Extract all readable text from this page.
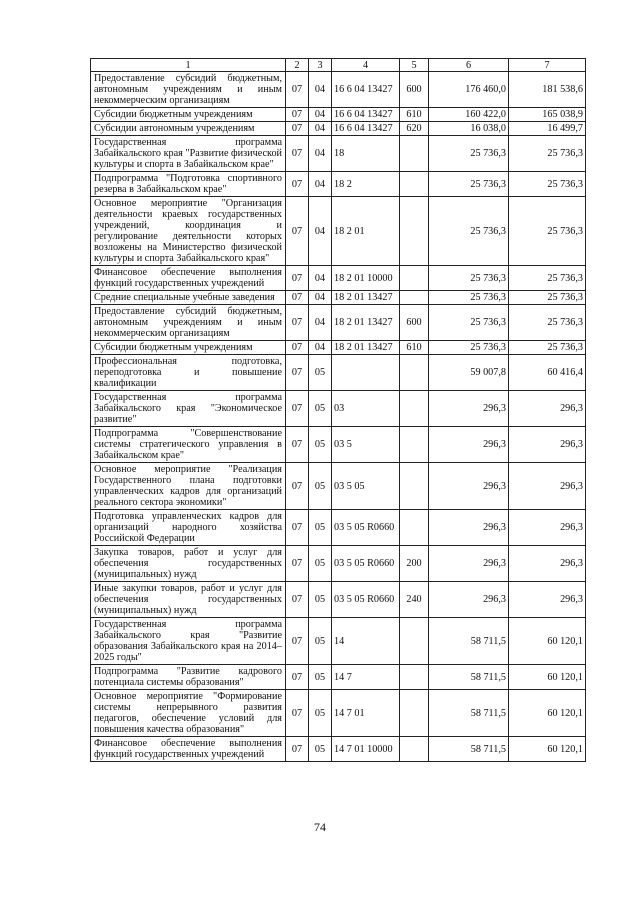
1	2	3	4	5	6	7
Предоставление субсидий бюджетным, автономным учреждениям и иным некоммерческим организациям	07	04	16 6 04 13427	600	176 460,0	181 538,6
Субсидии бюджетным учреждениям	07	04	16 6 04 13427	610	160 422,0	165 038,9
Субсидии автономным учреждениям	07	04	16 6 04 13427	620	16 038,0	16 499,7
Государственная программа Забайкальского края "Развитие физической культуры и спорта в Забайкальском крае"	07	04	18		25 736,3	25 736,3
Подпрограмма "Подготовка спортивного резерва в Забайкальском крае"	07	04	18 2		25 736,3	25 736,3
Основное мероприятие "Организация деятельности краевых государственных учреждений, координация и регулирование деятельности которых возложены на Министерство физической культуры и спорта Забайкальского края"	07	04	18 2 01		25 736,3	25 736,3
Финансовое обеспечение выполнения функций государственных учреждений	07	04	18 2 01 10000		25 736,3	25 736,3
Средние специальные учебные заведения	07	04	18 2 01 13427		25 736,3	25 736,3
Предоставление субсидий бюджетным, автономным учреждениям и иным некоммерческим организациям	07	04	18 2 01 13427	600	25 736,3	25 736,3
Субсидии бюджетным учреждениям	07	04	18 2 01 13427	610	25 736,3	25 736,3
Профессиональная подготовка, переподготовка и повышение квалификации	07	05			59 007,8	60 416,4
Государственная программа Забайкальского края "Экономическое развитие"	07	05	03		296,3	296,3
Подпрограмма "Совершенствование системы стратегического управления в Забайкальском крае"	07	05	03 5		296,3	296,3
Основное мероприятие "Реализация Государственного плана подготовки управленческих кадров для организаций реального сектора экономики"	07	05	03 5 05		296,3	296,3
Подготовка управленческих кадров для организаций народного хозяйства Российской Федерации	07	05	03 5 05 R0660		296,3	296,3
Закупка товаров, работ и услуг для обеспечения государственных (муниципальных) нужд	07	05	03 5 05 R0660	200	296,3	296,3
Иные закупки товаров, работ и услуг для обеспечения государственных (муниципальных) нужд	07	05	03 5 05 R0660	240	296,3	296,3
Государственная программа Забайкальского края "Развитие образования Забайкальского края на 2014–2025 годы"	07	05	14		58 711,5	60 120,1
Подпрограмма "Развитие кадрового потенциала системы образования"	07	05	14 7		58 711,5	60 120,1
Основное мероприятие "Формирование системы непрерывного развития педагогов, обеспечение условий для повышения качества образования"	07	05	14 7 01		58 711,5	60 120,1
Финансовое обеспечение выполнения функций государственных учреждений	07	05	14 7 01 10000		58 711,5	60 120,1
74
